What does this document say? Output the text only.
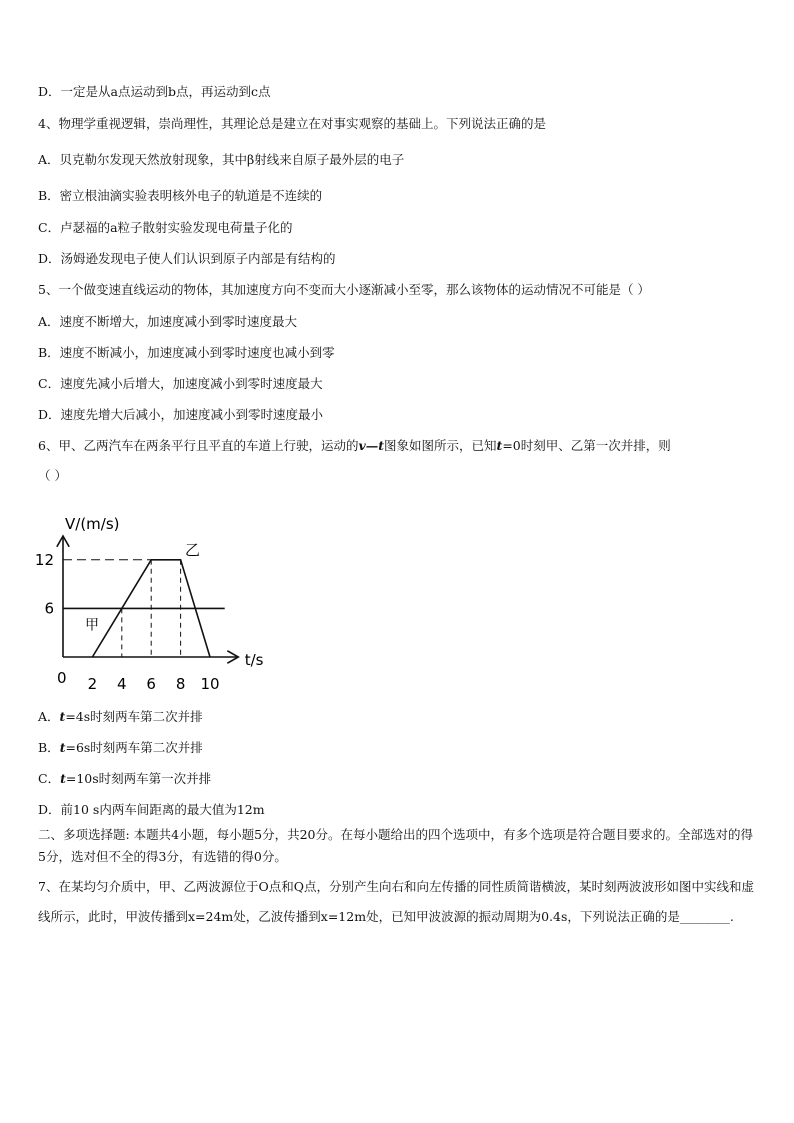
D．一定是从a点运动到b点，再运动到c点
4、物理学重视逻辑，崇尚理性，其理论总是建立在对事实观察的基础上。下列说法正确的是
A．贝克勒尔发现天然放射现象，其中β射线来自原子最外层的电子
B．密立根油滴实验表明核外电子的轨道是不连续的
C．卢瑟福的a粒子散射实验发现电荷量子化的
D．汤姆逊发现电子使人们认识到原子内部是有结构的
5、一个做变速直线运动的物体，其加速度方向不变而大小逐渐减小至零，那么该物体的运动情况不可能是（ ）
A．速度不断增大，加速度减小到零时速度最大
B．速度不断减小，加速度减小到零时速度也减小到零
C．速度先减小后增大，加速度减小到零时速度最大
D．速度先增大后减小，加速度减小到零时速度最小
6、甲、乙两汽车在两条平行且平直的车道上行驶，运动的v—t图象如图所示，已知t=0时刻甲、乙第一次并排，则
（ ）
甲
乙
V/(m/s)
t/s
0 2 4 6 8 10
6
12
A．t=4s时刻两车第二次并排
B．t=6s时刻两车第二次并排
C．t=10s时刻两车第一次并排
D．前10 s内两车间距离的最大值为12m
二、多项选择题: 本题共4小题，每小题5分，共20分。在每小题给出的四个选项中，有多个选项是符合题目要求的。全部选对的得5分，选对但不全的得3分，有选错的得0分。
7、在某均匀介质中，甲、乙两波源位于O点和Q点，分别产生向右和向左传播的同性质简谐横波，某时刻两波波形如图中实线和虚线所示，此时，甲波传播到x=24m处，乙波传播到x=12m处，已知甲波波源的振动周期为0.4s，下列说法正确的是________.
